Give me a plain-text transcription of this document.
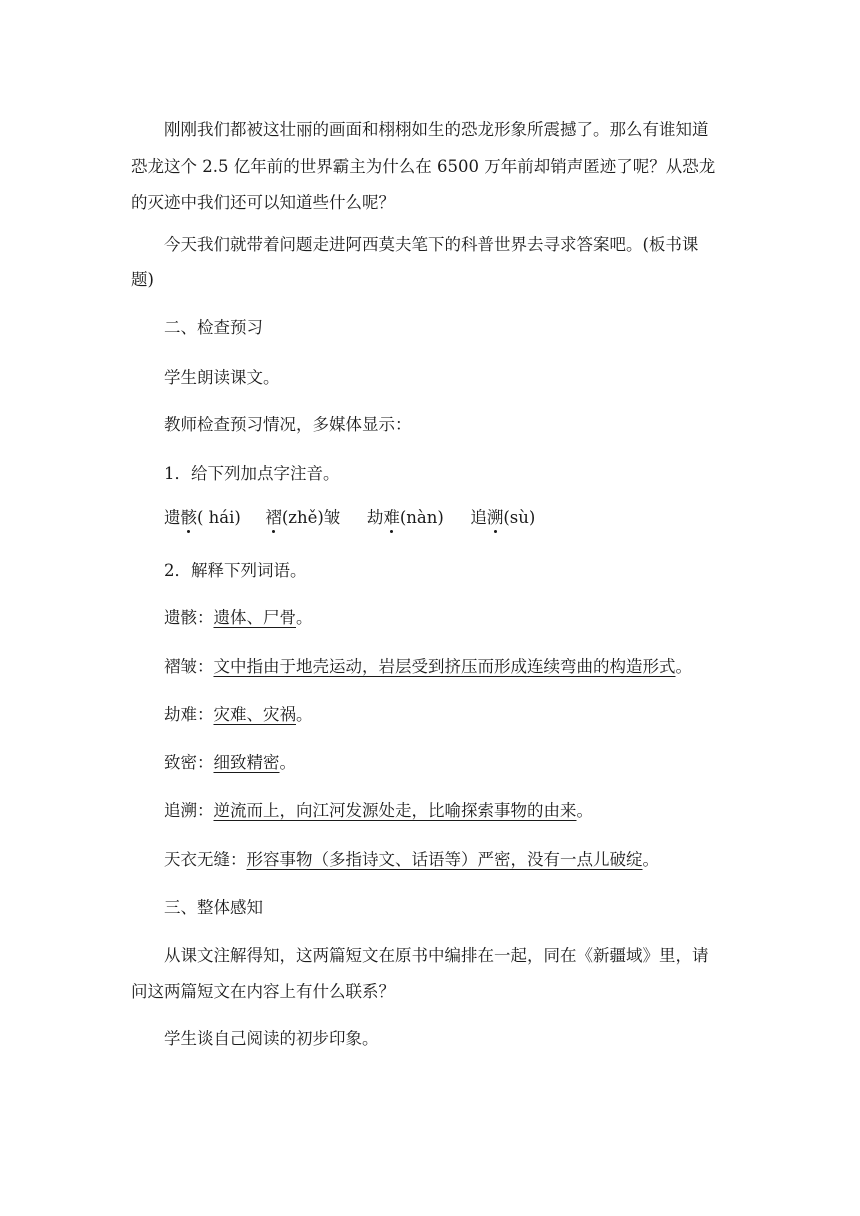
刚刚我们都被这壮丽的画面和栩栩如生的恐龙形象所震撼了。那么有谁知道
恐龙这个 2.5 亿年前的世界霸主为什么在 6500 万年前却销声匿迹了呢？从恐龙
的灭迹中我们还可以知道些什么呢？
今天我们就带着问题走进阿西莫夫笔下的科普世界去寻求答案吧。(板书课
题)
二、检查预习
学生朗读课文。
教师检查预习情况，多媒体显示：
1．给下列加点字注音。
遗骸( hái) 褶(zhě)皱 劫难(nàn) 追溯(sù)
2．解释下列词语。
遗骸：遗体、尸骨。
褶皱：文中指由于地壳运动，岩层受到挤压而形成连续弯曲的构造形式。
劫难：灾难、灾祸。
致密：细致精密。
追溯：逆流而上，向江河发源处走，比喻探索事物的由来。
天衣无缝：形容事物（多指诗文、话语等）严密，没有一点儿破绽。
三、整体感知
从课文注解得知，这两篇短文在原书中编排在一起，同在《新疆域》里，请
问这两篇短文在内容上有什么联系？
学生谈自己阅读的初步印象。
